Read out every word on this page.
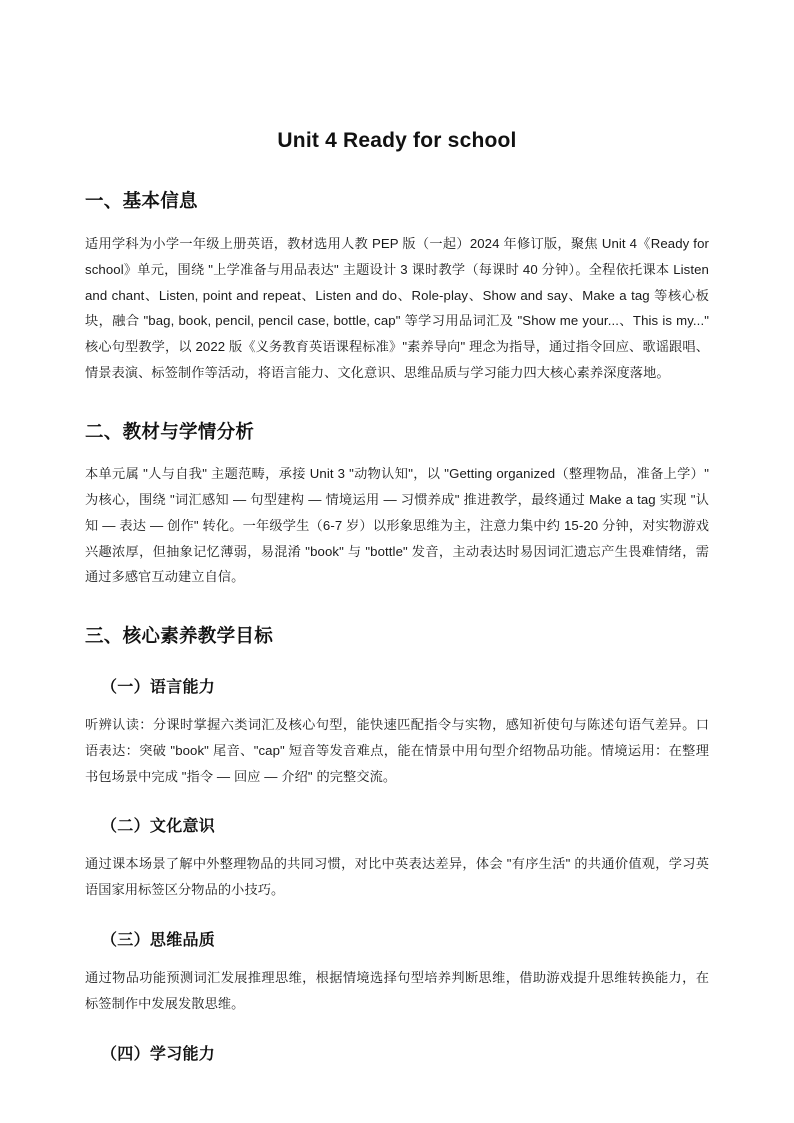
Unit 4 Ready for school
一、基本信息

适用学科为小学一年级上册英语，教材选用人教 PEP 版（一起）2024 年修订版，聚焦 Unit 4《Ready for school》单元，围绕 "上学准备与用品表达" 主题设计 3 课时教学（每课时 40 分钟）。全程依托课本 Listen and chant、Listen, point and repeat、Listen and do、Role-play、Show and say、Make a tag 等核心板块，融合 "bag, book, pencil, pencil case, bottle, cap" 等学习用品词汇及 "Show me your...、This is my..." 核心句型教学，以 2022 版《义务教育英语课程标准》"素养导向" 理念为指导，通过指令回应、歌谣跟唱、情景表演、标签制作等活动，将语言能力、文化意识、思维品质与学习能力四大核心素养深度落地。

二、教材与学情分析

本单元属 "人与自我" 主题范畴，承接 Unit 3 "动物认知"，以 "Getting organized（整理物品，准备上学）" 为核心，围绕 "词汇感知 — 句型建构 — 情境运用 — 习惯养成" 推进教学，最终通过 Make a tag 实现 "认知 — 表达 — 创作" 转化。一年级学生（6-7 岁）以形象思维为主，注意力集中约 15-20 分钟，对实物游戏兴趣浓厚，但抽象记忆薄弱，易混淆 "book" 与 "bottle" 发音，主动表达时易因词汇遗忘产生畏难情绪，需通过多感官互动建立自信。

三、核心素养教学目标
（一）语言能力

听辨认读：分课时掌握六类词汇及核心句型，能快速匹配指令与实物，感知祈使句与陈述句语气差异。口语表达：突破 "book" 尾音、"cap" 短音等发音难点，能在情景中用句型介绍物品功能。情境运用：在整理书包场景中完成 "指令 — 回应 — 介绍" 的完整交流。

（二）文化意识

通过课本场景了解中外整理物品的共同习惯，对比中英表达差异，体会 "有序生活" 的共通价值观，学习英语国家用标签区分物品的小技巧。

（三）思维品质

通过物品功能预测词汇发展推理思维，根据情境选择句型培养判断思维，借助游戏提升思维转换能力，在标签制作中发展发散思维。

（四）学习能力
